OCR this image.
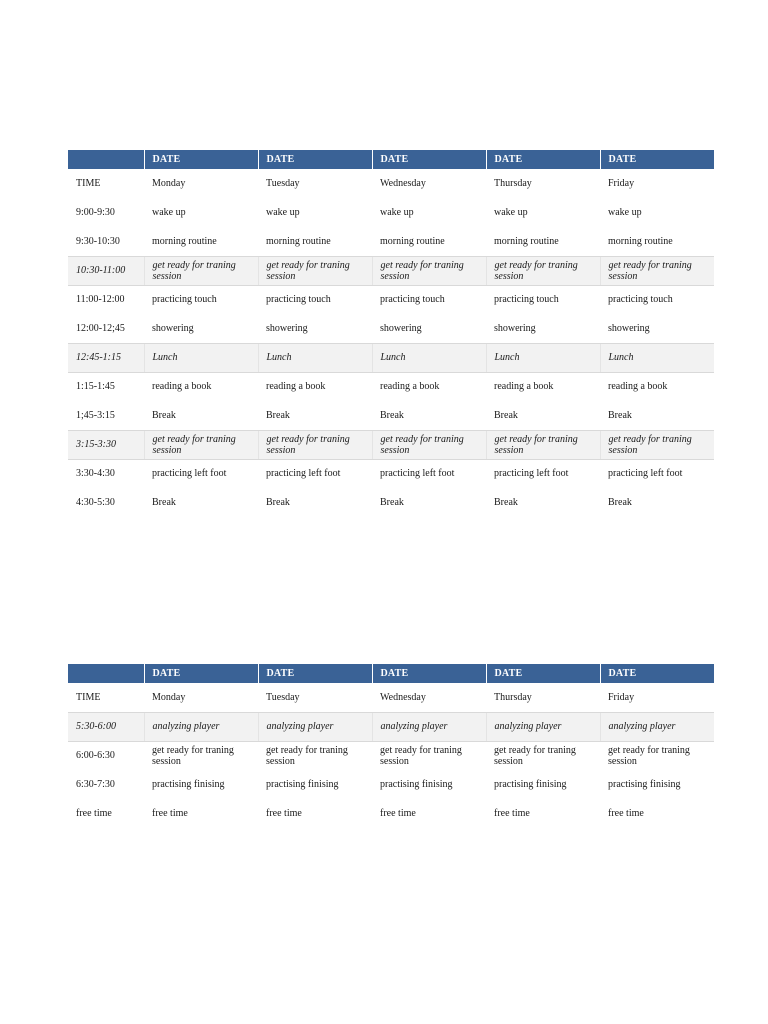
	DATE	DATE	DATE	DATE	DATE
TIME	Monday	Tuesday	Wednesday	Thursday	Friday
9:00-9:30	wake up	wake up	wake up	wake up	wake up
9:30-10:30	morning routine	morning routine	morning routine	morning routine	morning routine
10:30-11:00	get ready for traning session	get ready for traning session	get ready for traning session	get ready for traning session	get ready for traning session
11:00-12:00	practicing touch	practicing touch	practicing touch	practicing touch	practicing touch
12:00-12;45	showering	showering	showering	showering	showering
12:45-1:15	Lunch	Lunch	Lunch	Lunch	Lunch
1:15-1:45	reading a book	reading a book	reading a book	reading a book	reading a book
1;45-3:15	Break	Break	Break	Break	Break
3:15-3:30	get ready for traning session	get ready for traning session	get ready for traning session	get ready for traning session	get ready for traning session
3:30-4:30	practicing left foot	practicing left foot	practicing left foot	practicing left foot	practicing left foot
4:30-5:30	Break	Break	Break	Break	Break
	DATE	DATE	DATE	DATE	DATE
TIME	Monday	Tuesday	Wednesday	Thursday	Friday
5:30-6:00	analyzing player	analyzing player	analyzing player	analyzing player	analyzing player
6:00-6:30	get ready for traning session	get ready for traning session	get ready for traning session	get ready for traning session	get ready for traning session
6:30-7:30	practising finising	practising finising	practising finising	practising finising	practising finising
free time	free time	free time	free time	free time	free time
